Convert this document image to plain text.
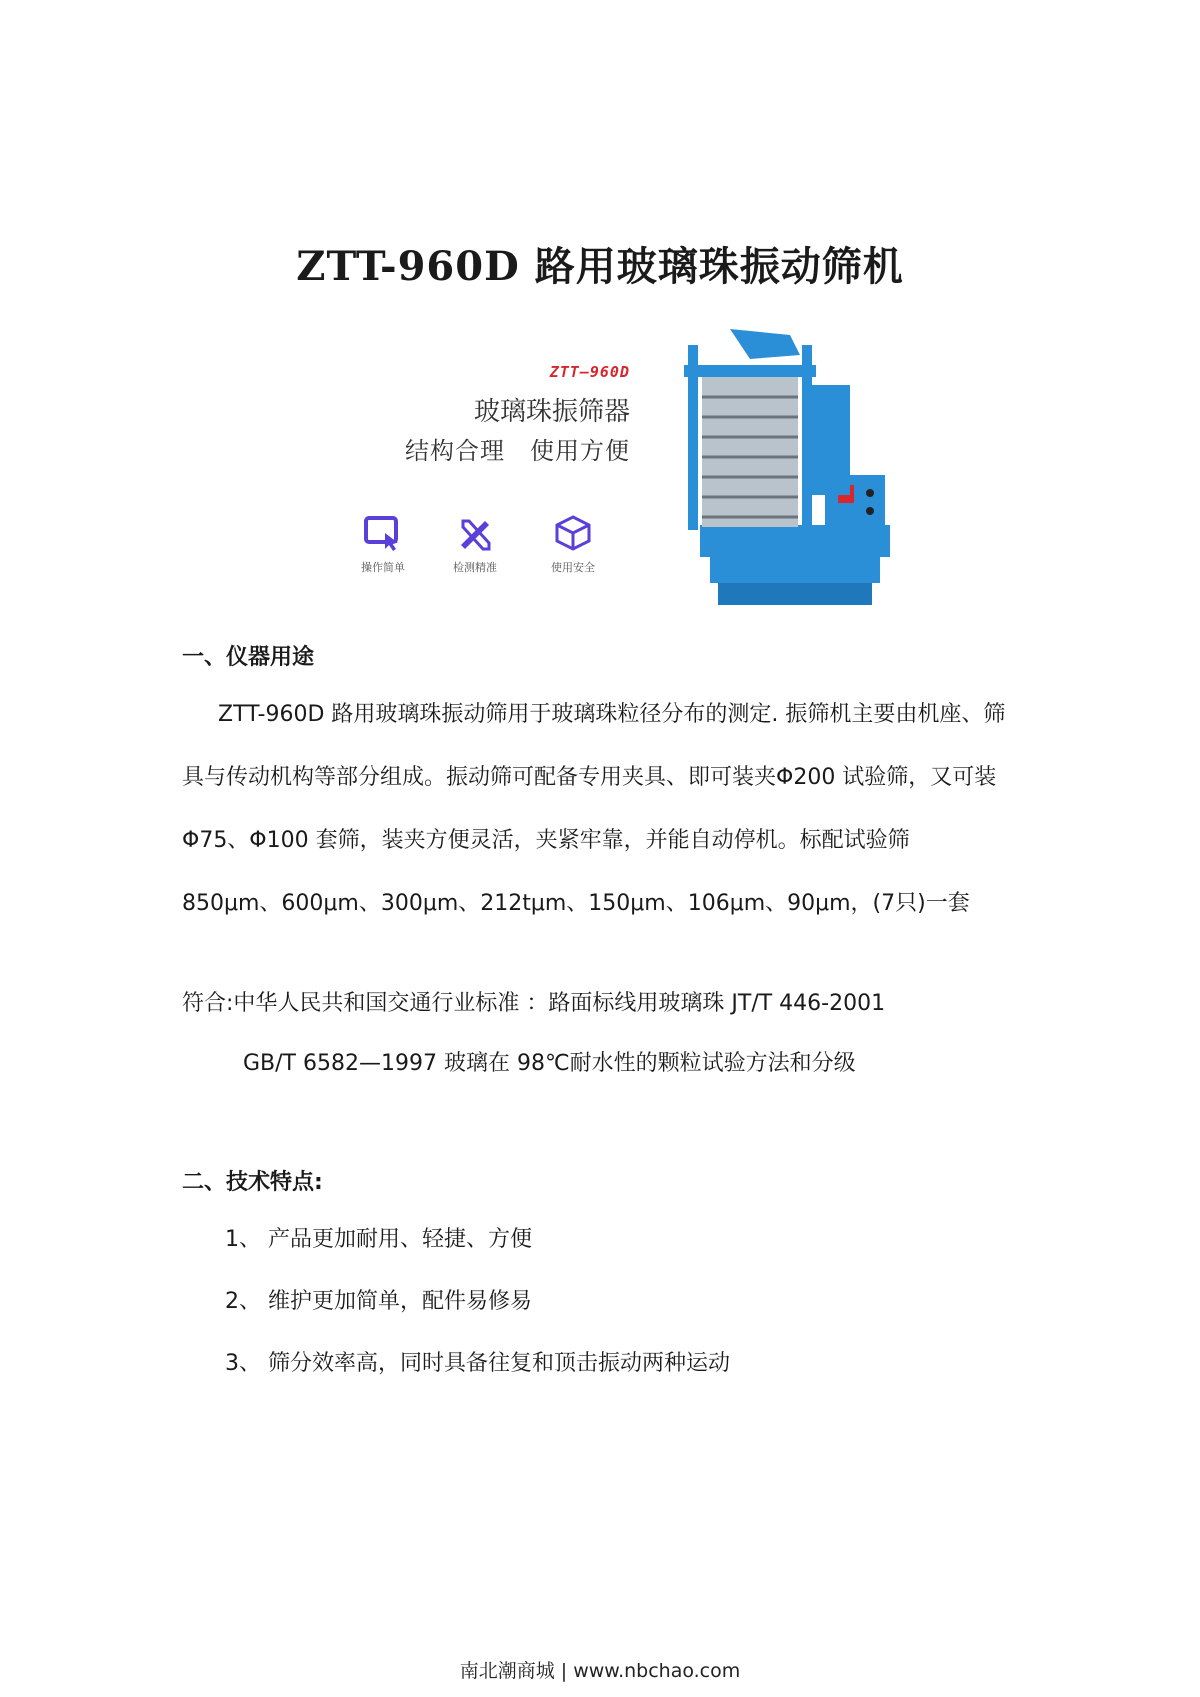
ZTT-960D 路用玻璃珠振动筛机
ZTT–960D
玻璃珠振筛器
结构合理　使用方便
操作简单	检测精准	使用安全
一、仪器用途
ZTT-960D 路用玻璃珠振动筛用于玻璃珠粒径分布的测定. 振筛机主要由机座、筛具与传动机构等部分组成。振动筛可配备专用夹具、即可装夹Φ200 试验筛，又可装Φ75、Φ100 套筛，装夹方便灵活，夹紧牢靠，并能自动停机。标配试验筛　850μm、600μm、300μm、212tμm、150μm、106μm、90μm，(7只)一套
符合:中华人民共和国交通行业标准 ：路面标线用玻璃珠 JT/T 446-2001
GB/T 6582—1997 玻璃在 98℃耐水性的颗粒试验方法和分级
二、技术特点:
1、 产品更加耐用、轻捷、方便
2、 维护更加简单，配件易修易
3、 筛分效率高，同时具备往复和顶击振动两种运动
南北潮商城 | www.nbchao.com
